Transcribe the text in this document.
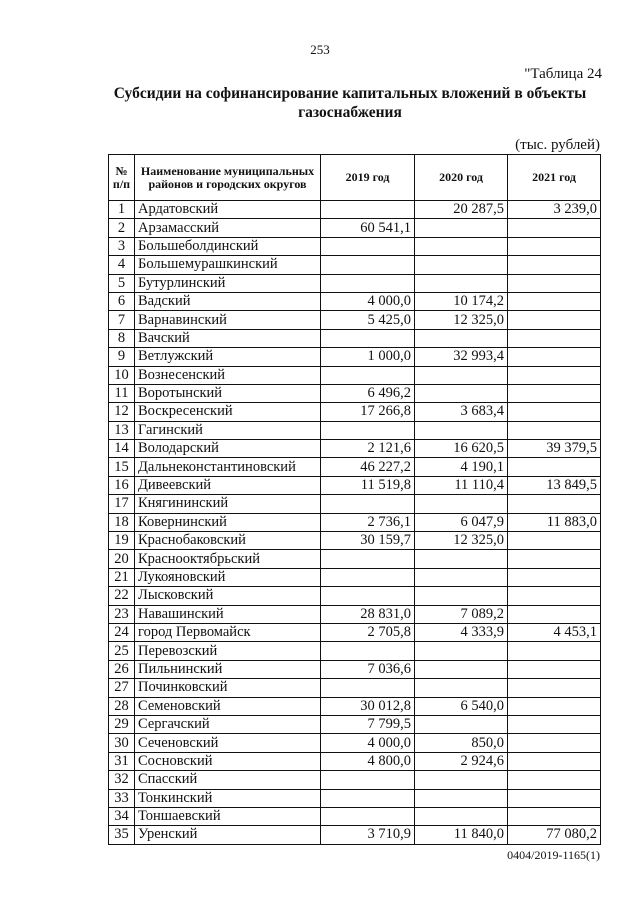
253
"Таблица 24
Субсидии на софинансирование капитальных вложений в объекты газоснабжения
(тыс. рублей)
№ п/п	Наименование муниципальных районов и городских округов	2019 год	2020 год	2021 год
1	Ардатовский		20 287,5	3 239,0
2	Арзамасский	60 541,1		
3	Большеболдинский			
4	Большемурашкинский			
5	Бутурлинский			
6	Вадский	4 000,0	10 174,2	
7	Варнавинский	5 425,0	12 325,0	
8	Вачский			
9	Ветлужский	1 000,0	32 993,4	
10	Вознесенский			
11	Воротынский	6 496,2		
12	Воскресенский	17 266,8	3 683,4	
13	Гагинский			
14	Володарский	2 121,6	16 620,5	39 379,5
15	Дальнеконстантиновский	46 227,2	4 190,1	
16	Дивеевский	11 519,8	11 110,4	13 849,5
17	Княгининский			
18	Ковернинский	2 736,1	6 047,9	11 883,0
19	Краснобаковский	30 159,7	12 325,0	
20	Краснооктябрьский			
21	Лукояновский			
22	Лысковский			
23	Навашинский	28 831,0	7 089,2	
24	город Первомайск	2 705,8	4 333,9	4 453,1
25	Перевозский			
26	Пильнинский	7 036,6		
27	Починковский			
28	Семеновский	30 012,8	6 540,0	
29	Сергачский	7 799,5		
30	Сеченовский	4 000,0	850,0	
31	Сосновский	4 800,0	2 924,6	
32	Спасский			
33	Тонкинский			
34	Тоншаевский			
35	Уренский	3 710,9	11 840,0	77 080,2
0404/2019-1165(1)
